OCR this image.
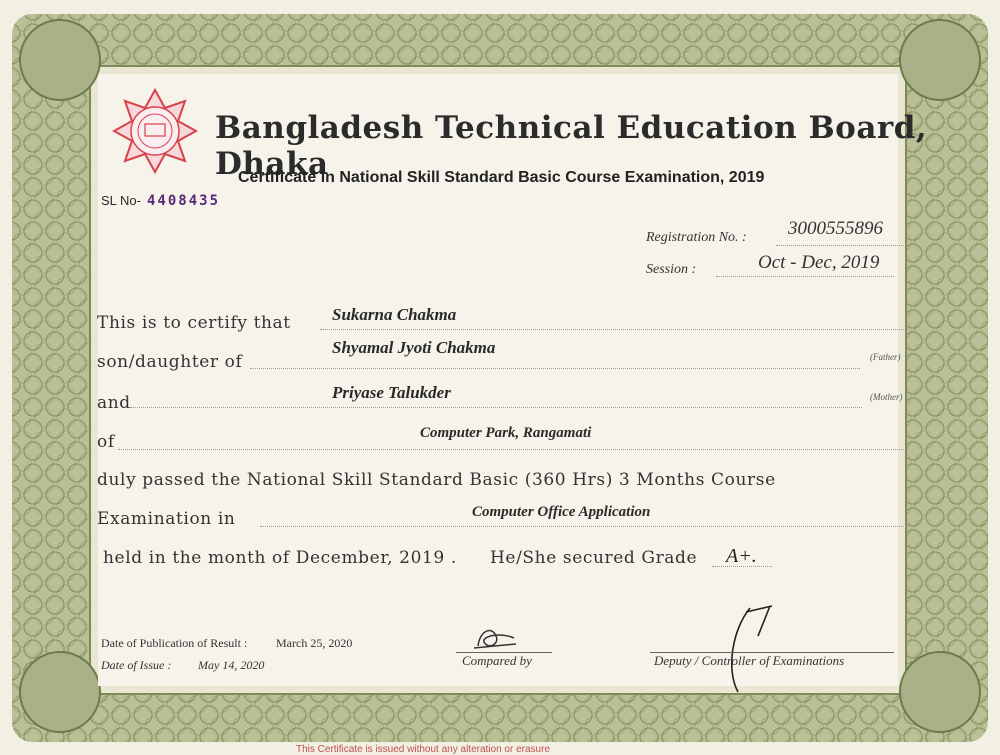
Bangladesh Technical Education Board, Dhaka
Certificate in National Skill Standard Basic Course Examination, 2019
SL No- 4408435
Registration No. : 3000555896
Session :	Oct - Dec, 2019
This is to certify that Sukarna Chakma
son/daughter of
Shyamal Jyoti Chakma	(Father)
and
Priyase Talukder	(Mother)
of	Computer Park, Rangamati
duly passed the National Skill Standard Basic (360 Hrs) 3 Months Course
Examination in	Computer Office Application
held in the month of December, 2019 . He/She secured Grade A+.
Date of Publication of Result : March 25, 2020
Date of Issue : May 14, 2020	Compared by	Deputy / Controller of Examinations
This Certificate is issued without any alteration or erasure
